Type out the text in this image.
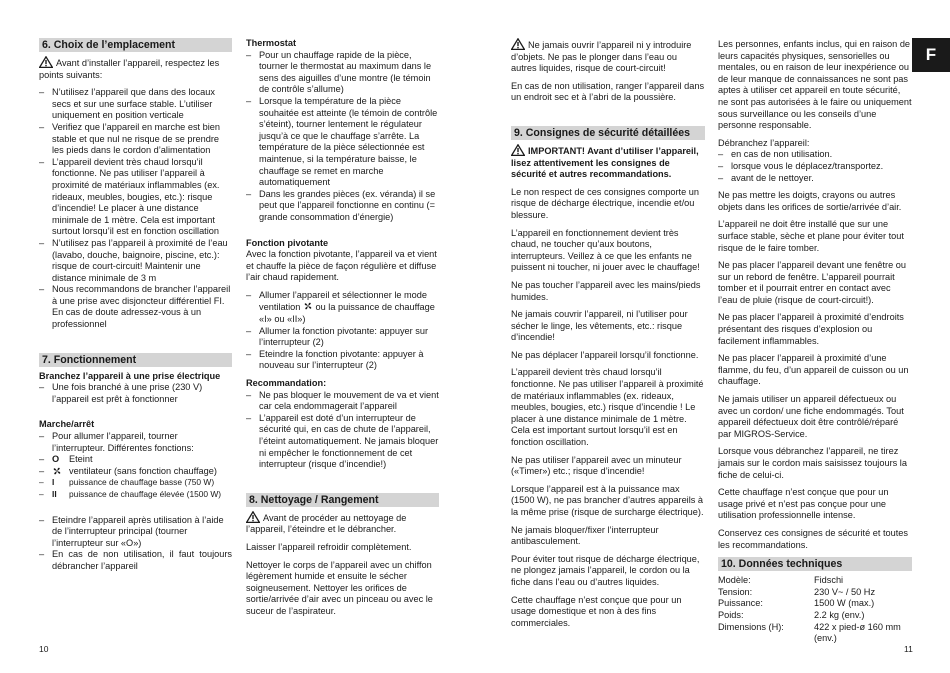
6. Choix de l’emplacement

Avant d’installer l’appareil, respectez les points suivants:

– N’utilisez l’appareil que dans des locaux secs et sur une surface stable. L’utiliser uniquement en position verticale
– Verifiez que l’appareil en marche est bien stable et que nul ne risque de se prendre les pieds dans le cordon d’alimentation
– L’appareil devient très chaud lorsqu’il fonctionne. Ne pas utiliser l’appareil à proximité de matériaux inflammables (ex. rideaux, meubles, bougies, etc.): risque d’incendie! Le placer à une distance minimale de 1 mètre. Cela est important surtout lorsqu’il est en fonction oscillation
– N’utilisez pas l’appareil à proximité de l’eau (lavabo, douche, baignoire, piscine, etc.): risque de court-circuit! Maintenir une distance minimale de 3 m
– Nous recommandons de brancher l’appareil à une prise avec disjoncteur différentiel FI. En cas de doute adressez-vous à un professionnel
7. Fonctionnement

Branchez l’appareil à une prise électrique

– Une fois branché à une prise (230 V) l’appareil est prêt à fonctionner

Marche/arrêt

– Pour allumer l’appareil, tourner l’interrupteur. Différentes fonctions:
– O Eteint
– ventilateur (sans fonction chauffage)
– I puissance de chauffage basse (750 W)
– II puissance de chauffage élevée (1500 W)
– Eteindre l’appareil après utilisation à l’aide de l’interrupteur principal (tourner l’interrupteur sur «O»)
– En cas de non utilisation, il faut toujours débrancher l’appareil

Thermostat

– Pour un chauffage rapide de la pièce, tourner le thermostat au maximum dans le sens des aiguilles d’une montre (le témoin de contrôle s’allume)
– Lorsque la température de la pièce souhaitée est atteinte (le témoin de contrôle s’éteint), tourner lentement le régulateur jusqu’à ce que le chauffage s’arrête. La température de la pièce sélectionnée est maintenue, si la température baisse, le chauffage se remet en marche automatiquement
– Dans les grandes pièces (ex. véranda) il se peut que l’appareil fonctionne en continu (= grande consommation d’énergie)

Fonction pivotante

Avec la fonction pivotante, l’appareil va et vient et chauffe la pièce de façon régulière et diffuse l’air chaud rapidement.

– Allumer l’appareil et sélectionner le mode ventilation ou la puissance de chauffage «I» ou «II»)
– Allumer la fonction pivotante: appuyer sur l’interrupteur (2)
– Eteindre la fonction pivotante: appuyer à nouveau sur l’interrupteur (2)

Recommandation:

– Ne pas bloquer le mouvement de va et vient car cela endommagerait l’appareil
– L’appareil est doté d’un interrupteur de sécurité qui, en cas de chute de l’appareil, l’éteint automatiquement. Ne jamais bloquer ni empêcher le fonctionnement de cet interrupteur (risque d’incendie!)
8. Nettoyage / Rangement

Avant de procéder au nettoyage de l’appareil, l’éteindre et le débrancher.

Laisser l’appareil refroidir complètement.

Nettoyer le corps de l’appareil avec un chiffon légèrement humide et ensuite le sécher soigneusement. Nettoyer les orifices de sortie/arrivée d’air avec un pinceau ou avec le suceur de l’aspirateur.

Ne jamais ouvrir l’appareil ni y introduire d’objets. Ne pas le plonger dans l’eau ou autres liquides, risque de court-circuit!

En cas de non utilisation, ranger l’appareil dans un endroit sec et à l’abri de la poussière.

9. Consignes de sécurité détaillées

IMPORTANT! Avant d’utiliser l’appareil, lisez attentivement les consignes de sécurité et autres recommandations.

Le non respect de ces consignes comporte un risque de décharge électrique, incendie et/ou blessure.

L’appareil en fonctionnement devient très chaud, ne toucher qu’aux boutons, interrupteurs. Veillez à ce que les enfants ne puissent ni toucher, ni jouer avec le chauffage!

Ne pas toucher l’appareil avec les mains/pieds humides.

Ne jamais couvrir l’appareil, ni l’utiliser pour sécher le linge, les vêtements, etc.: risque d’incendie!

Ne pas déplacer l’appareil lorsqu’il fonctionne.

L’appareil devient très chaud lorsqu’il fonctionne. Ne pas utiliser l’appareil à proximité de matériaux inflammables (ex. rideaux, meubles, bougies, etc.) risque d’incendie ! Le placer à une distance minimale de 1 mètre. Cela est important surtout lorsqu’il est en fonction oscillation.

Ne pas utiliser l’appareil avec un minuteur («Timer») etc.; risque d’incendie!

Lorsque l’appareil est à la puissance max (1500 W), ne pas brancher d’autres appareils à la même prise (risque de surcharge électrique).

Ne jamais bloquer/fixer l’interrupteur antibasculement.

Pour éviter tout risque de décharge électrique, ne plongez jamais l’appareil, le cordon ou la fiche dans l’eau ou d’autres liquides.

Cette chauffage n’est conçue que pour un usage domestique et non à des fins commerciales.

Les personnes, enfants inclus, qui en raison de leurs capacités physiques, sensorielles ou mentales, ou en raison de leur inexpérience ou de leur manque de connaissances ne sont pas aptes à utiliser cet appareil en toute sécurité, ne sont pas autorisées à le faire ou uniquement sous surveillance ou les conseils d’une personne responsable.

Débranchez l’appareil:

– en cas de non utilisation.
– lorsque vous le déplacez/transportez.
– avant de le nettoyer.

Ne pas mettre les doigts, crayons ou autres objets dans les orifices de sortie/arrivée d’air.

L’appareil ne doit être installé que sur une surface stable, sèche et plane pour éviter tout risque de le faire tomber.

Ne pas placer l’appareil devant une fenêtre ou sur un rebord de fenêtre. L’appareil pourrait tomber et il pourrait entrer en contact avec l’eau de pluie (risque de court-circuit!).

Ne pas placer l’appareil à proximité d’endroits présentant des risques d’explosion ou facilement inflammables.

Ne pas placer l’appareil à proximité d’une flamme, du feu, d’un appareil de cuisson ou un chauffage.

Ne jamais utiliser un appareil défectueux ou avec un cordon/ une fiche endommagés. Tout appareil défectueux doit être contrôlé/réparé par MIGROS-Service.

Lorsque vous débranchez l’appareil, ne tirez jamais sur le cordon mais saisissez toujours la fiche de celui-ci.

Cette chauffage n’est conçue que pour un usage privé et n’est pas conçue pour une utilisation professionnelle intense.

Conservez ces consignes de sécurité et toutes les recommandations.

10. Données techniques
Modèle:	Fidschi
Tension:	230 V~ / 50 Hz
Puissance:	1500 W (max.)
Poids:	2.2 kg (env.)
Dimensions (H):	422 x pied-ø 160 mm (env.)
F
10	11
